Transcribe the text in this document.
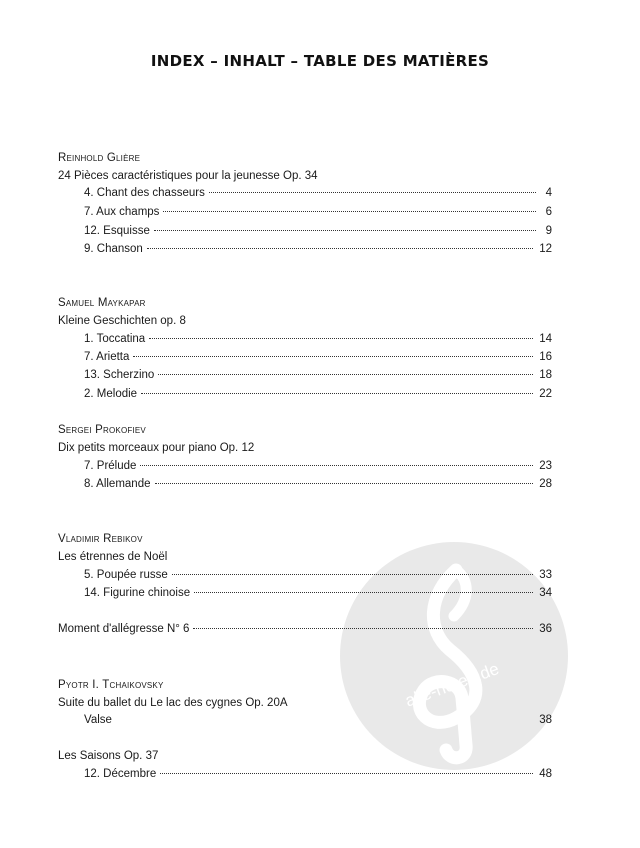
INDEX – INHALT – TABLE DES MATIÈRES
Reinhold Glière
24 Pièces caractéristiques pour la jeunesse Op. 34
4. Chant des chasseurs	4
7. Aux champs	6
12. Esquisse	9
9. Chanson	12
Samuel Maykapar
Kleine Geschichten op. 8
1. Toccatina	14
7. Arietta	16
13. Scherzino	18
2. Melodie	22
Sergei Prokofiev
Dix petits morceaux pour piano Op. 12
7. Prélude	23
8. Allemande	28
alle-noten.de
Vladimir Rebikov
Les étrennes de Noël
5. Poupée russe	33
14. Figurine chinoise	34
Moment d'allégresse N° 6	36
Pyotr I. Tchaikovsky
Suite du ballet du Le lac des cygnes Op. 20A
Valse	38
Les Saisons Op. 37
12. Décembre	48
